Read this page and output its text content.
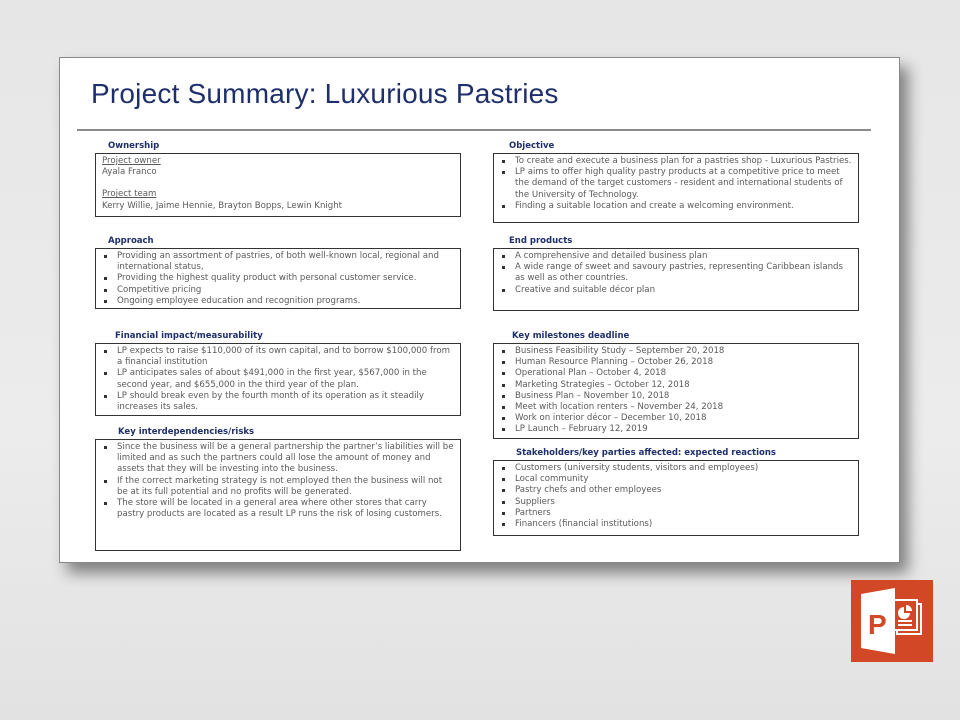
Project Summary: Luxurious Pastries
Ownership
Project owner
Ayala Franco
Project team
Kerry Willie, Jaime Hennie, Brayton Bopps, Lewin Knight
Objective
To create and execute a business plan for a pastries shop - Luxurious Pastries.
LP aims to offer high quality pastry products at a competitive price to meet the demand of the target customers - resident and international students of the University of Technology.
Finding a suitable location and create a welcoming environment.
Approach
Providing an assortment of pastries, of both well-known local, regional and international status,
Providing the highest quality product with personal customer service.
Competitive pricing
Ongoing employee education and recognition programs.
End products
A comprehensive and detailed business plan
A wide range of sweet and savoury pastries, representing Caribbean islands as well as other countries.
Creative and suitable décor plan
Financial impact/measurability
LP expects to raise $110,000 of its own capital, and to borrow $100,000 from a financial institution
LP anticipates sales of about $491,000 in the first year, $567,000 in the second year, and $655,000 in the third year of the plan.
LP should break even by the fourth month of its operation as it steadily increases its sales.
Key milestones deadline
Business Feasibility Study – September 20, 2018
Human Resource Planning – October 26, 2018
Operational Plan – October 4, 2018
Marketing Strategies – October 12, 2018
Business Plan – November 10, 2018
Meet with location renters – November 24, 2018
Work on interior décor – December 10, 2018
LP Launch – February 12, 2019
Key interdependencies/risks
Since the business will be a general partnership the partner’s liabilities will be limited and as such the partners could all lose the amount of money and assets that they will be investing into the business.
If the correct marketing strategy is not employed then the business will not be at its full potential and no profits will be generated.
The store will be located in a general area where other stores that carry pastry products are located as a result LP runs the risk of losing customers.
Stakeholders/key parties affected: expected reactions
Customers (university students, visitors and employees)
Local community
Pastry chefs and other employees
Suppliers
Partners
Financers (financial institutions)
P
